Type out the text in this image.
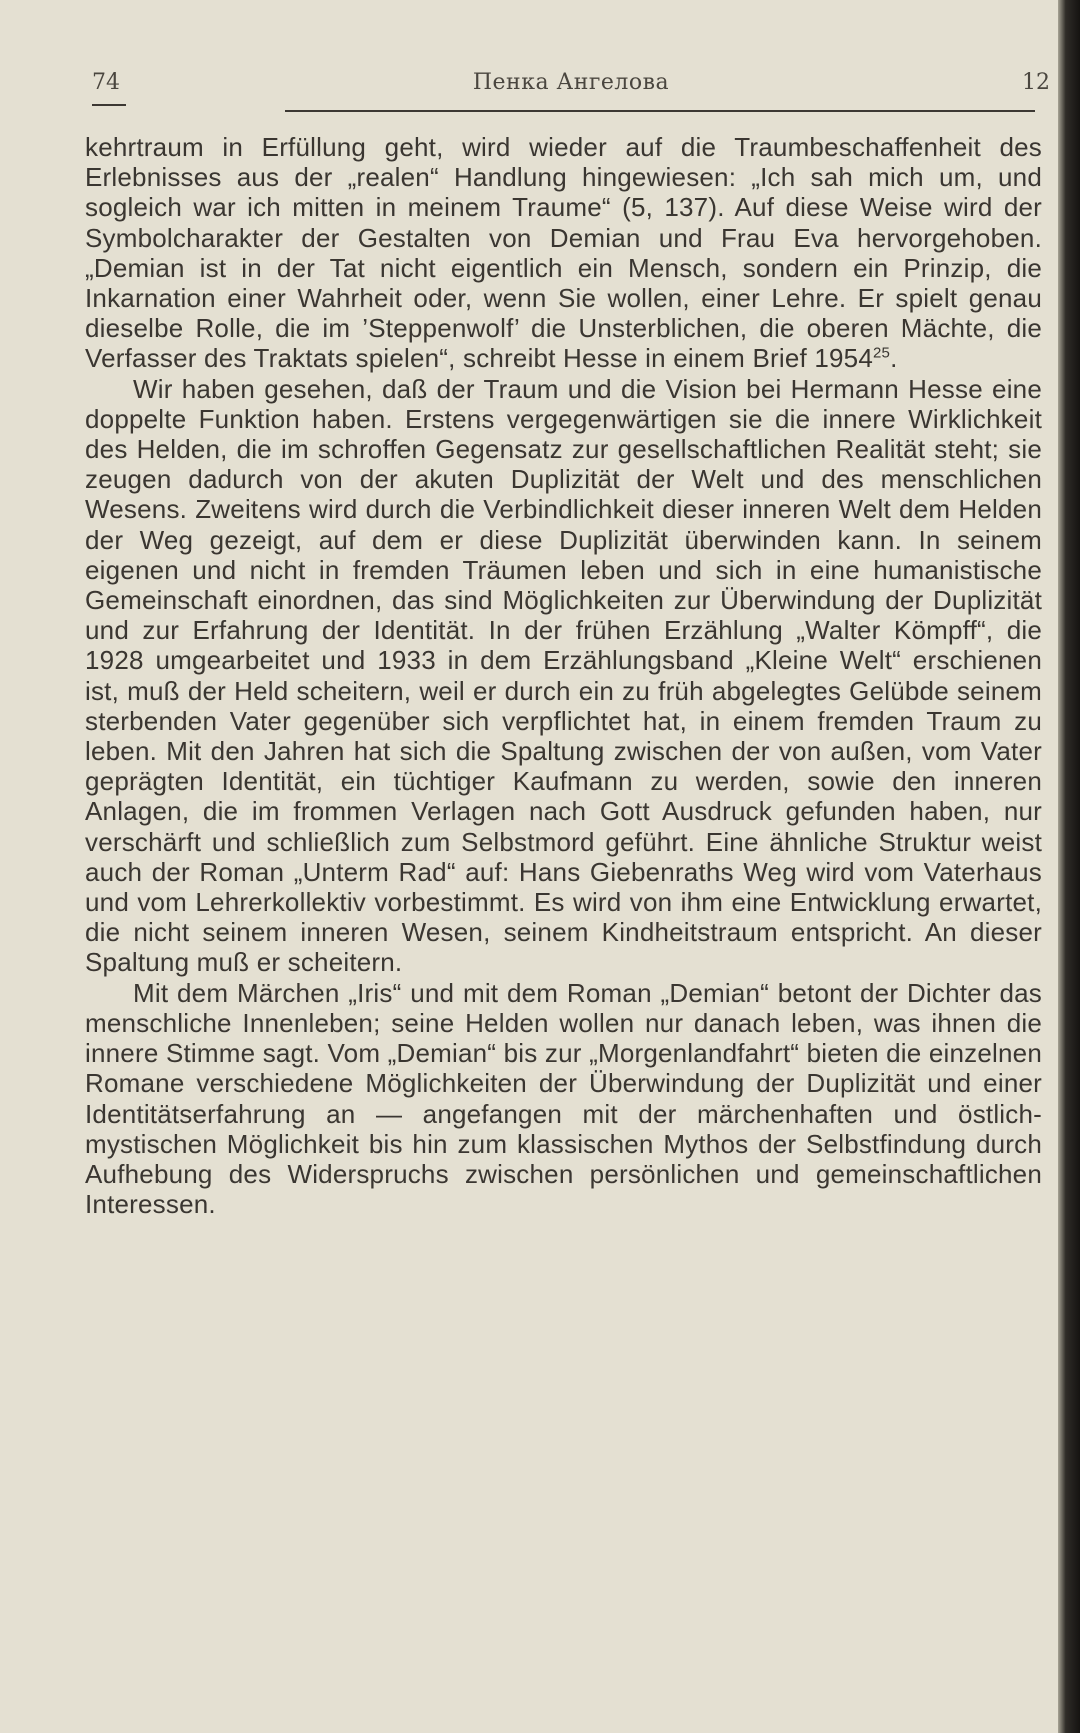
74	Пенка Ангелова	12

kehrtraum in Erfüllung geht, wird wieder auf die Traumbeschaffenheit des Erlebnisses aus der „realen“ Handlung hingewiesen: „Ich sah mich um, und sogleich war ich mitten in meinem Traume“ (5, 137). Auf diese Weise wird der Symbolcharakter der Gestalten von Demian und Frau Eva hervorgehoben. „Demian ist in der Tat nicht eigentlich ein Mensch, sondern ein Prinzip, die Inkarnation einer Wahrheit oder, wenn Sie wollen, einer Lehre. Er spielt genau dieselbe Rolle, die im ’Steppenwolf’ die Unsterblichen, die oberen Mächte, die Verfasser des Traktats spielen“, schreibt Hesse in einem Brief 1954$^{25}$.

Wir haben gesehen, daß der Traum und die Vision bei Hermann Hesse eine doppelte Funktion haben. Erstens vergegenwärtigen sie die innere Wirklichkeit des Helden, die im schroffen Gegensatz zur gesellschaftlichen Realität steht; sie zeugen dadurch von der akuten Duplizität der Welt und des menschlichen Wesens. Zweitens wird durch die Verbindlichkeit dieser inneren Welt dem Helden der Weg gezeigt, auf dem er diese Duplizität überwinden kann. In seinem eigenen und nicht in fremden Träumen leben und sich in eine humanistische Gemeinschaft einordnen, das sind Möglichkeiten zur Überwindung der Duplizität und zur Erfahrung der Identität. In der frühen Erzählung „Walter Kömpff“, die 1928 umgearbeitet und 1933 in dem Erzählungsband „Kleine Welt“ erschienen ist, muß der Held scheitern, weil er durch ein zu früh abgelegtes Gelübde seinem sterbenden Vater gegenüber sich verpflichtet hat, in einem fremden Traum zu leben. Mit den Jahren hat sich die Spaltung zwischen der von außen, vom Vater geprägten Identität, ein tüchtiger Kaufmann zu werden, sowie den inneren Anlagen, die im frommen Verlagen nach Gott Ausdruck gefunden haben, nur verschärft und schließlich zum Selbstmord geführt. Eine ähnliche Struktur weist auch der Roman „Unterm Rad“ auf: Hans Giebenraths Weg wird vom Vaterhaus und vom Lehrerkollektiv vorbestimmt. Es wird von ihm eine Entwicklung erwartet, die nicht seinem inneren Wesen, seinem Kindheitstraum entspricht. An dieser Spaltung muß er scheitern.

Mit dem Märchen „Iris“ und mit dem Roman „Demian“ betont der Dichter das menschliche Innenleben; seine Helden wollen nur danach leben, was ihnen die innere Stimme sagt. Vom „Demian“ bis zur „Morgenlandfahrt“ bieten die einzelnen Romane verschiedene Möglichkeiten der Überwindung der Duplizität und einer Identitätserfahrung an — angefangen mit der märchenhaften und östlich-mystischen Möglichkeit bis hin zum klassischen Mythos der Selbstfindung durch Aufhebung des Widerspruchs zwischen persönlichen und gemeinschaftlichen Interessen.
